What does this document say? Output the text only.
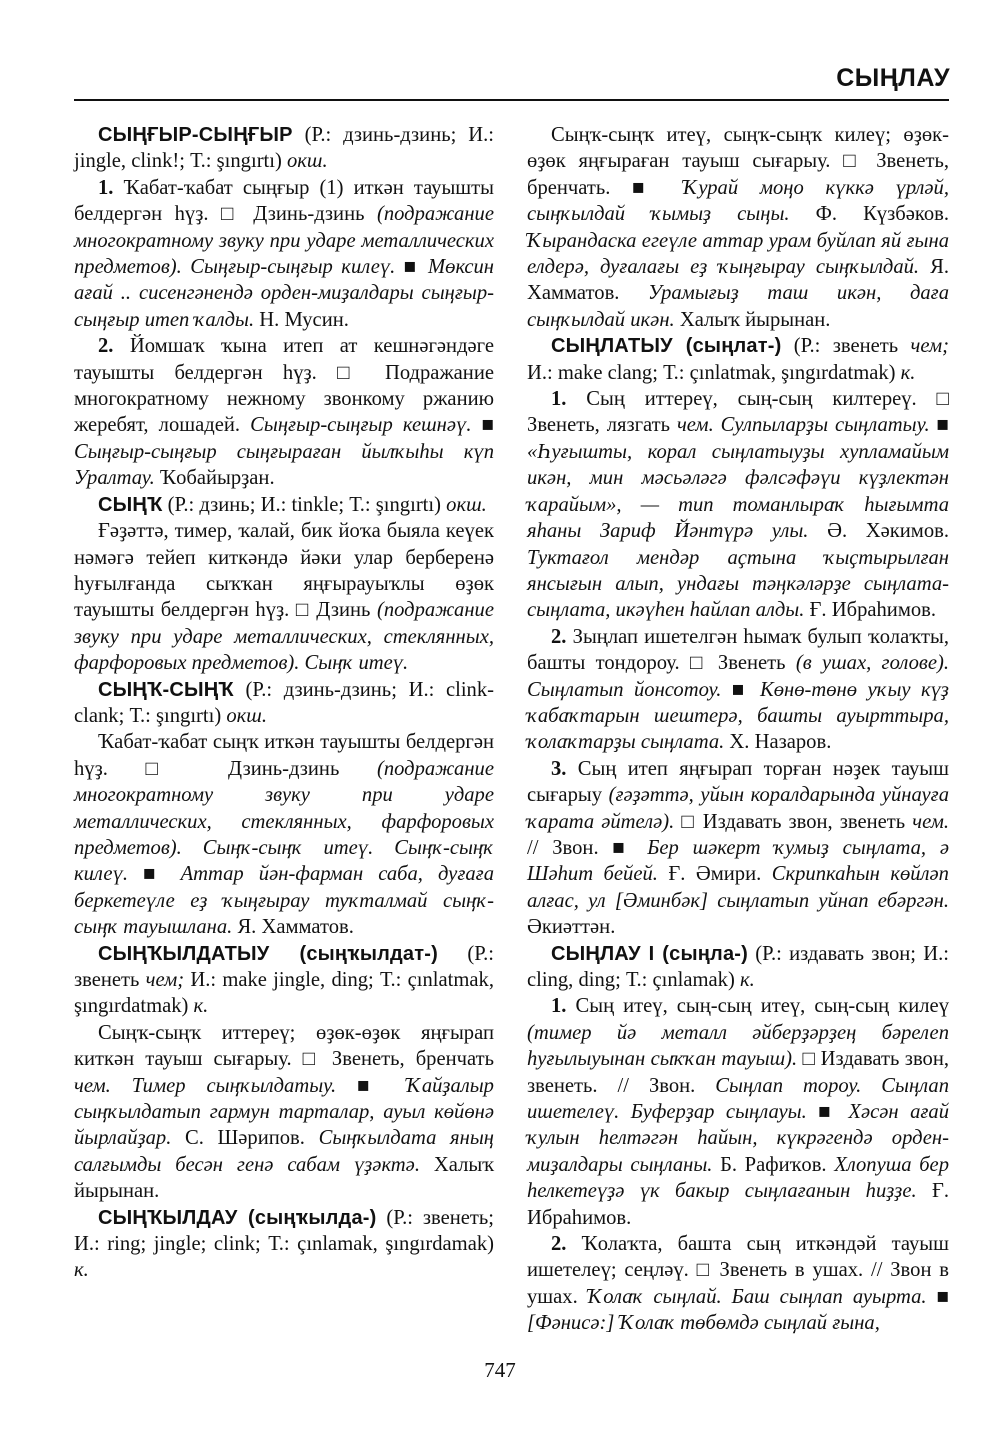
СЫҢЛАУ

СЫҢҒЫР-СЫҢҒЫР (Р.: дзинь-дзинь; И.: jingle, clink!; Т.: şıngırtı) окш.

1. Ҡабат-ҡабат сыңғыр (1) иткән тауышты белдергән һүҙ. □ Дзинь-дзинь (подражание многократному звуку при ударе металлических предметов). Сыңғыр-сыңғыр килеү. ■ Мөксин ағай .. сисенгәнендә орден-миҙалдары сыңғыр-сыңғыр итеп ҡалды. Н. Мусин.

2. Йомшаҡ ҡына итеп ат кешнәгәндәге тауышты белдергән һүҙ. □ Подражание многократному нежному звонкому ржанию жеребят, лошадей. Сыңғыр-сыңғыр кешнәү. ■ Сыңғыр-сыңғыр сыңғыраған йылҡыһы күп Уралтау. Ҡобайырҙан.

СЫҢҠ (Р.: дзинь; И.: tinkle; Т.: şıngırtı) окш.

Ғәҙәттә, тимер, ҡалай, бик йоҡа быяла кеүек нәмәгә тейеп киткәндә йәки улар берберенә һуғылғанда сыҡҡан яңғырауыҡлы өҙөк тауышты белдергән һүҙ. □ Дзинь (подражание звуку при ударе металлических, стеклянных, фарфоровых предметов). Сыңҡ итеү.

СЫҢҠ-СЫҢҠ (Р.: дзинь-дзинь; И.: clink-clank; Т.: şıngırtı) окш.

Ҡабат-ҡабат сыңҡ иткән тауышты белдергән һүҙ. □ Дзинь-дзинь (подражание многократному звуку при ударе металлических, стеклянных, фарфоровых предметов). Сыңҡ-сыңҡ итеү. Сыңҡ-сыңҡ килеү. ■ Аттар йән-фарман саба, дуғаға беркетеүле еҙ ҡыңғырау туҡталмай сыңҡ-сыңҡ тауышлана. Я. Хамматов.

СЫҢҠЫЛДАТЫУ (сыңҡылдат-) (Р.: звенеть чем; И.: make jingle, ding; Т.: çınlatmak, şıngırdatmak) к.

Сыңҡ-сыңҡ иттереү; өҙөк-өҙөк яңғырап киткән тауыш сығарыу. □ Звенеть, бренчать чем. Тимер сыңҡылдатыу. ■ Ҡайҙалыр сыңҡылдатып гармун тарталар, ауыл көйөнә йырлайҙар. С. Шәрипов. Сыңҡылдата яның салғымды бесән генә сабам үҙәктә. Халыҡ йырынан.

СЫҢҠЫЛДАУ (сыңҡылда-) (Р.: звенеть; И.: ring; jingle; clink; Т.: çınlamak, şıngırdamak) к.

Сыңҡ-сыңҡ итеү, сыңҡ-сыңҡ килеү; өҙөк-өҙөк яңғыраған тауыш сығарыу. □ Звенеть, бренчать. ■ Ҡурай моңо күккә үрләй, сыңҡылдай ҡымыҙ сыңы. Ф. Күзбәков. Ҡырандаска егеүле аттар урам буйлап яй ғына елдерә, дуғалағы еҙ ҡыңғырау сыңҡылдай. Я. Хамматов. Урамығыҙ таш икән, даға сыңҡылдай икән. Халыҡ йырынан.

СЫҢЛАТЫУ (сыңлат-) (Р.: звенеть чем; И.: make clang; Т.: çınlatmak, şıngırdatmak) к.

1. Сың иттереү, сың-сың килтереү. □ Звенеть, лязгать чем. Сулпыларҙы сыңлатыу. ■ «Һуғышты, корал сыңлатыуҙы хупламайым икән, мин мәсьәләгә фәлсәфәүи күҙлектән ҡарайым», — тип томанлыраҡ һығымта яһаны Зариф Йәнтүрә улы. Ә. Хәкимов. Туктағол мендәр аҫтына ҡыҫтырылған янсығын алып, ундағы тәңкәләрҙе сыңлата-сыңлата, икәүһен һайлап алды. Ғ. Ибраһимов.

2. Зыңлап ишетелгән һымаҡ булып ҡолаҡты, башты тондороу. □ Звенеть (в ушах, голове). Сыңлатып йонсотоу. ■ Көнө-төнө уҡыу күҙ ҡабаҡтарын шештерә, башты ауырттыра, ҡолаҡтарҙы сыңлата. Х. Назаров.

3. Сың итеп яңғырап торған нәҙек тауыш сығарыу (ғәҙәттә, уйын коралдарында уйнауға ҡарата әйтелә). □ Издавать звон, звенеть чем. // Звон. ■ Бер шәкерт ҡумыҙ сыңлата, ә Шәһит бейей. Ғ. Әмири. Скрипкаһын көйләп алғас, ул [Әминбәк] сыңлатып уйнап ебәргән. Әкиәттән.

СЫҢЛАУ I (сыңла-) (Р.: издавать звон; И.: cling, ding; Т.: çınlamak) к.

1. Сың итеү, сың-сың итеү, сың-сың килеү (тимер йә металл әйберҙәрҙең бәрелеп һуғылыуынан сыҡҡан тауыш). □ Издавать звон, звенеть. // Звон. Сыңлап тороу. Сыңлап ишетелеү. Буферҙар сыңлауы. ■ Хәсән ағай ҡулын һелтәгән һайын, күкрәгендә орден-миҙалдары сыңланы. Б. Рафиҡов. Хлопуша бер һелкетеүҙә үк бакыр сыңлағанын һиҙҙе. Ғ. Ибраһимов.

2. Ҡолаҡта, башта сың иткәндәй тауыш ишетелеү; сеңләү. □ Звенеть в ушах. // Звон в ушах. Ҡолаҡ сыңлай. Баш сыңлап ауырта. ■ [Фәнисә:] Ҡолаҡ төбөмдә сыңлай ғына,

747
